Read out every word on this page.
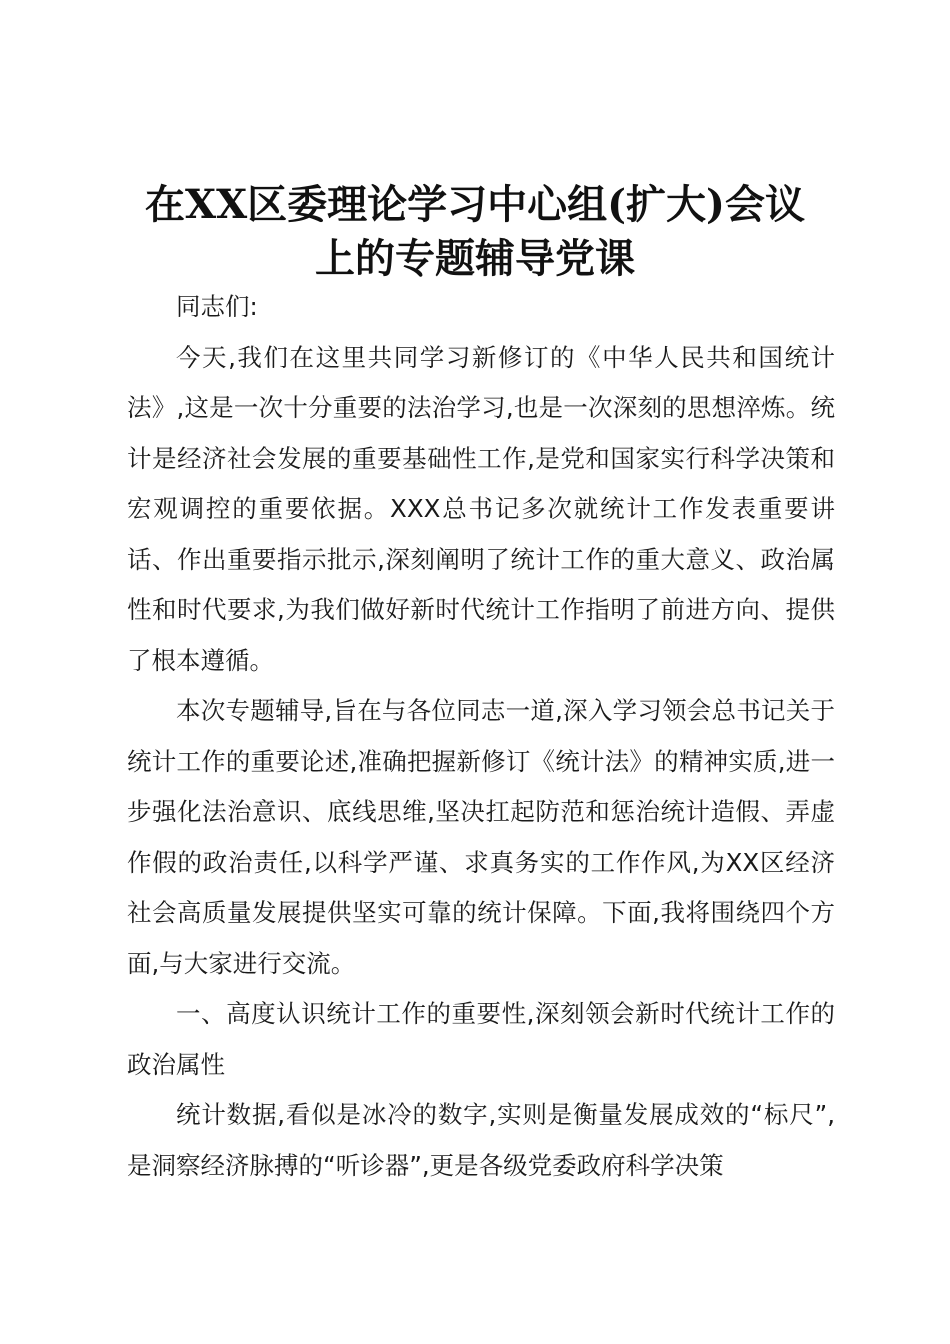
在XX区委理论学习中心组(扩大)会议
上的专题辅导党课

同志们:

今天,我们在这里共同学习新修订的《中华人民共和国统计法》,这是一次十分重要的法治学习,也是一次深刻的思想淬炼。统计是经济社会发展的重要基础性工作,是党和国家实行科学决策和宏观调控的重要依据。XXX总书记多次就统计工作发表重要讲话、作出重要指示批示,深刻阐明了统计工作的重大意义、政治属性和时代要求,为我们做好新时代统计工作指明了前进方向、提供了根本遵循。

本次专题辅导,旨在与各位同志一道,深入学习领会总书记关于统计工作的重要论述,准确把握新修订《统计法》的精神实质,进一步强化法治意识、底线思维,坚决扛起防范和惩治统计造假、弄虚作假的政治责任,以科学严谨、求真务实的工作作风,为XX区经济社会高质量发展提供坚实可靠的统计保障。下面,我将围绕四个方面,与大家进行交流。

一、高度认识统计工作的重要性,深刻领会新时代统计工作的政治属性

统计数据,看似是冰冷的数字,实则是衡量发展成效的“标尺”,是洞察经济脉搏的“听诊器”,更是各级党委政府科学决策
